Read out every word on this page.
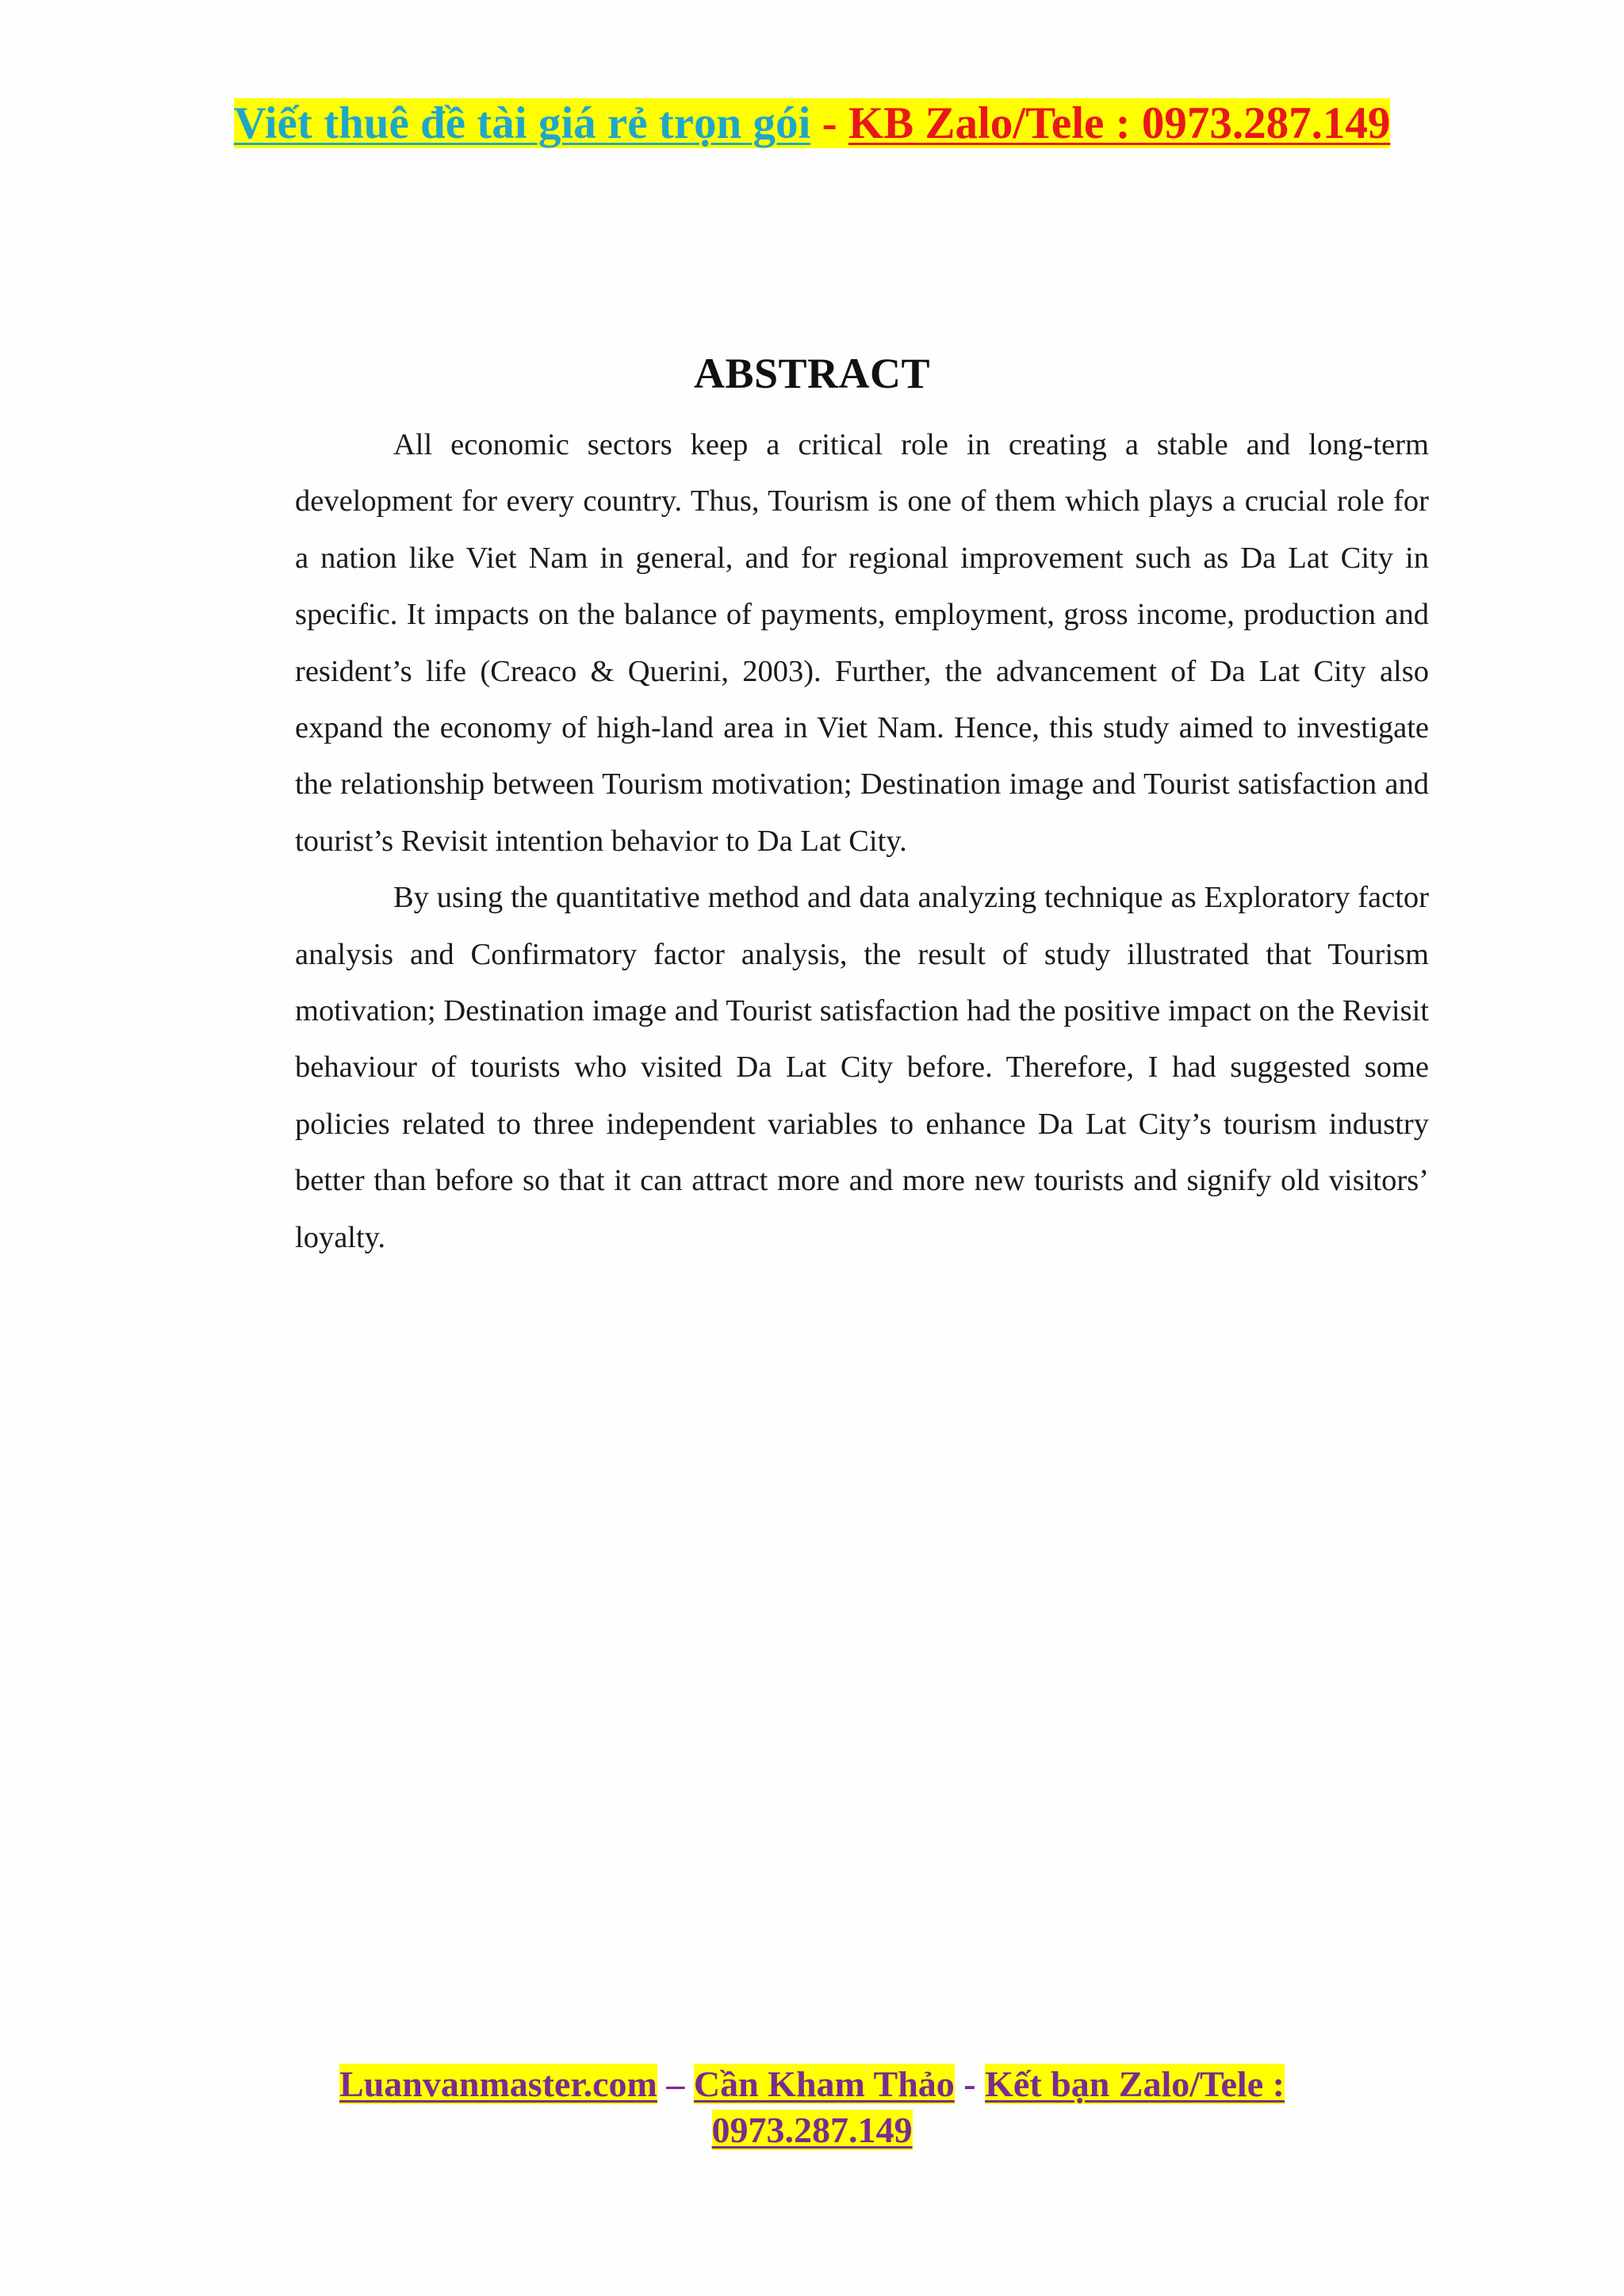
Viết thuê đề tài giá rẻ trọn gói - KB Zalo/Tele : 0973.287.149
ABSTRACT

All economic sectors keep a critical role in creating a stable and long-term development for every country. Thus, Tourism is one of them which plays a crucial role for a nation like Viet Nam in general, and for regional improvement such as Da Lat City in specific. It impacts on the balance of payments, employment, gross income, production and resident’s life (Creaco & Querini, 2003). Further, the advancement of Da Lat City also expand the economy of high-land area in Viet Nam. Hence, this study aimed to investigate the relationship between Tourism motivation; Destination image and Tourist satisfaction and tourist’s Revisit intention behavior to Da Lat City.

By using the quantitative method and data analyzing technique as Exploratory factor analysis and Confirmatory factor analysis, the result of study illustrated that Tourism motivation; Destination image and Tourist satisfaction had the positive impact on the Revisit behaviour of tourists who visited Da Lat City before. Therefore, I had suggested some policies related to three independent variables to enhance Da Lat City’s tourism industry better than before so that it can attract more and more new tourists and signify old visitors’ loyalty.

Luanvanmaster.com – Cần Kham Thảo - Kết bạn Zalo/Tele :
0973.287.149
